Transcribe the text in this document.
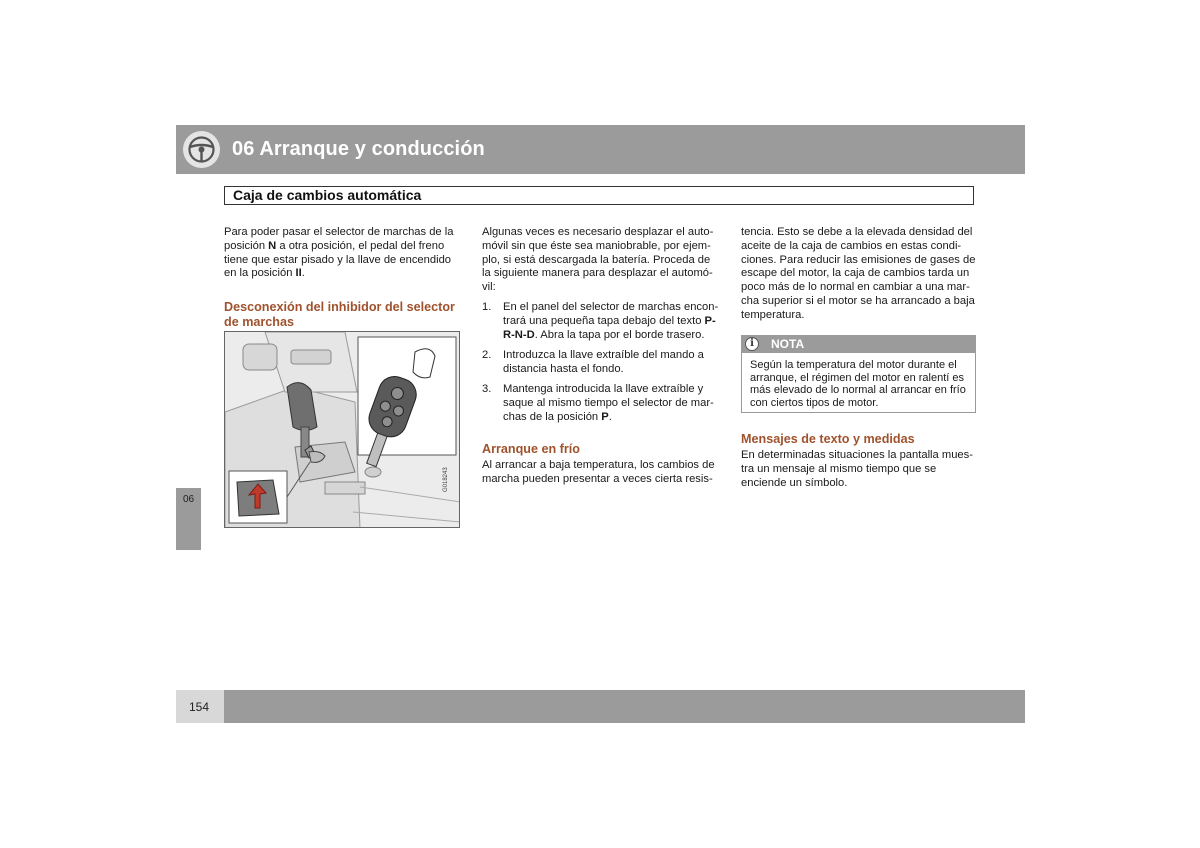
06 Arranque y conducción
Caja de cambios automática

Para poder pasar el selector de marchas de la

posición N a otra posición, el pedal del freno

tiene que estar pisado y la llave de encendido

en la posición II.

Desconexión del inhibidor del selector

de marchas

G018243

Algunas veces es necesario desplazar el auto-

móvil sin que éste sea maniobrable, por ejem-

plo, si está descargada la batería. Proceda de

la siguiente manera para desplazar el automó-

vil:

1. En el panel del selector de marchas encon-

trará una pequeña tapa debajo del texto P-

R-N-D. Abra la tapa por el borde trasero.

2. Introduzca la llave extraíble del mando a

distancia hasta el fondo.

3. Mantenga introducida la llave extraíble y

saque al mismo tiempo el selector de mar-

chas de la posición P.

Arranque en frío

Al arrancar a baja temperatura, los cambios de

marcha pueden presentar a veces cierta resis-

tencia. Esto se debe a la elevada densidad del

aceite de la caja de cambios en estas condi-

ciones. Para reducir las emisiones de gases de

escape del motor, la caja de cambios tarda un

poco más de lo normal en cambiar a una mar-

cha superior si el motor se ha arrancado a baja

temperatura.

i	NOTA
Según la temperatura del motor durante el
arranque, el régimen del motor en ralentí es
más elevado de lo normal al arrancar en frío
con ciertos tipos de motor.
Mensajes de texto y medidas

En determinadas situaciones la pantalla mues-

tra un mensaje al mismo tiempo que se

enciende un símbolo.

06
154
